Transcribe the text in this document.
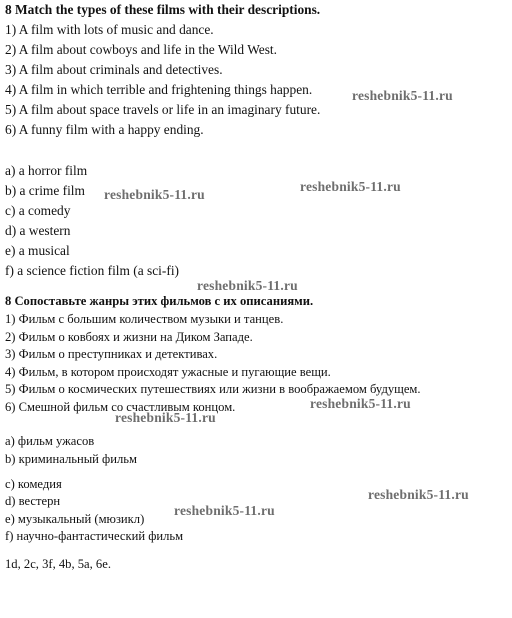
8 Match the types of these films with their descriptions.
1) A film with lots of music and dance.
2) A film about cowboys and life in the Wild West.
3) A film about criminals and detectives.
4) A film in which terrible and frightening things happen.
5) A film about space travels or life in an imaginary future.
6) A funny film with a happy ending.
a) a horror film
b) a crime film
c) a comedy
d) a western
e) a musical
f) a science fiction film (a sci-fi)
8 Сопоставьте жанры этих фильмов с их описаниями.
1) Фильм с большим количеством музыки и танцев.
2) Фильм о ковбоях и жизни на Диком Западе.
3) Фильм о преступниках и детективах.
4) Фильм, в котором происходят ужасные и пугающие вещи.
5) Фильм о космических путешествиях или жизни в воображаемом будущем.
6) Смешной фильм со счастливым концом.
a) фильм ужасов
b) криминальный фильм
c) комедия
d) вестерн
e) музыкальный (мюзикл)
f) научно-фантастический фильм
1d, 2c, 3f, 4b, 5a, 6e.
reshebnik5-11.ru
reshebnik5-11.ru
reshebnik5-11.ru
reshebnik5-11.ru
reshebnik5-11.ru
reshebnik5-11.ru
reshebnik5-11.ru
reshebnik5-11.ru
